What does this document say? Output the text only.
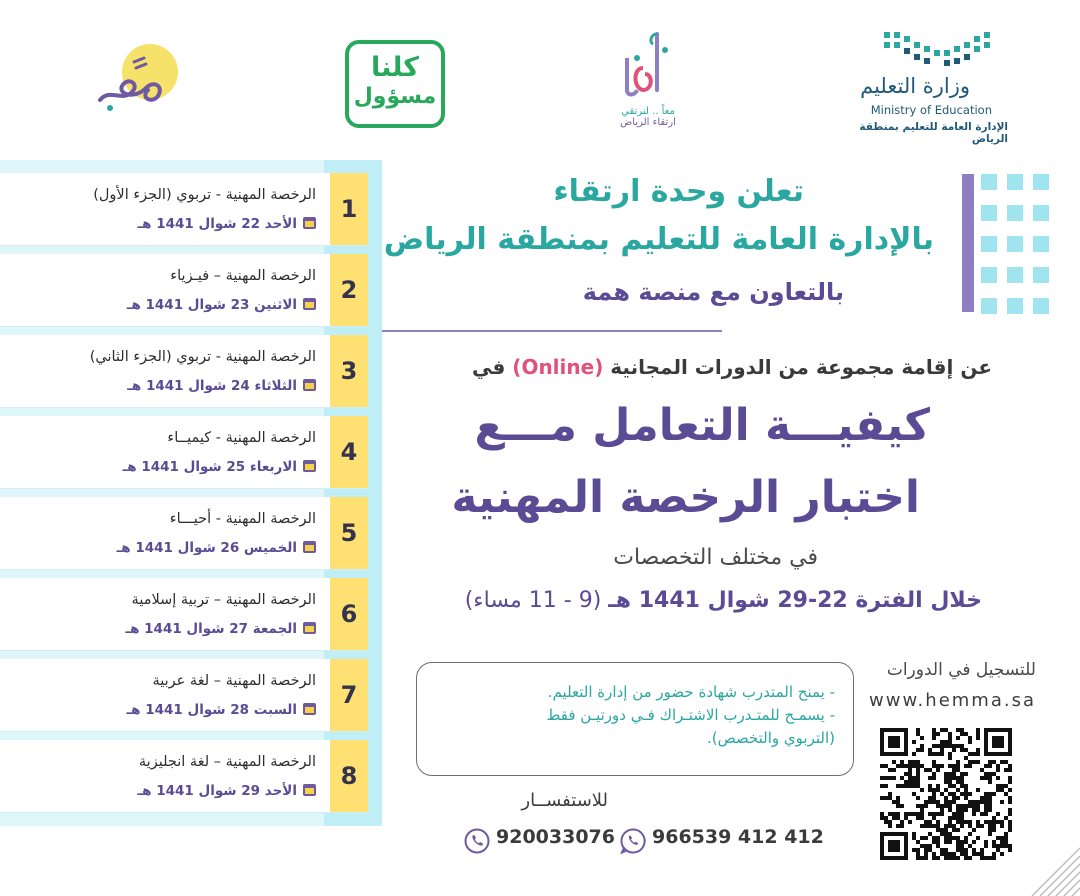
وزارة التعليم
Ministry of Education
الإدارة العامة للتعليم بمنطقة الرياض
معاً .. لنرتقي
ارتقاء الرياض
كلنا
مسؤول
1
الرخصة المهنية - تربوي (الجزء الأول)
الأحد 22 شوال 1441 هـ
2
الرخصة المهنية – فيـزياء
الاثنين 23 شوال 1441 هـ
3
الرخصة المهنية - تربوي (الجزء الثاني)
الثلاثاء 24 شوال 1441 هـ
4
الرخصة المهنية - كيميــاء
الاربعاء 25 شوال 1441 هـ
5
الرخصة المهنية - أحيـــاء
الخميس 26 شوال 1441 هـ
6
الرخصة المهنية – تربية إسلامية
الجمعة 27 شوال 1441 هـ
7
الرخصة المهنية – لغة عربية
السبت 28 شوال 1441 هـ
8
الرخصة المهنية – لغة انجليزية
الأحد 29 شوال 1441 هـ
تعلن وحدة ارتقاء
بالإدارة العامة للتعليم بمنطقة الرياض
بالتعاون مع منصة همة
عن إقامة مجموعة من الدورات المجانية (Online) في
كيفيـــة التعامل مـــع
اختبار الرخصة المهنية
في مختلف التخصصات
خلال الفترة 22-29 شوال 1441 هـ (9 - 11 مساء)
- يمنح المتدرب شهادة حضور من إدارة التعليم.
- يسمـح للمتـدرب الاشتـراك فـي دورتيـن فقط
(التربوي والتخصص).
للتسجيل في الدورات
www.hemma.sa
للاستفســار
920033076 966539 412 412
